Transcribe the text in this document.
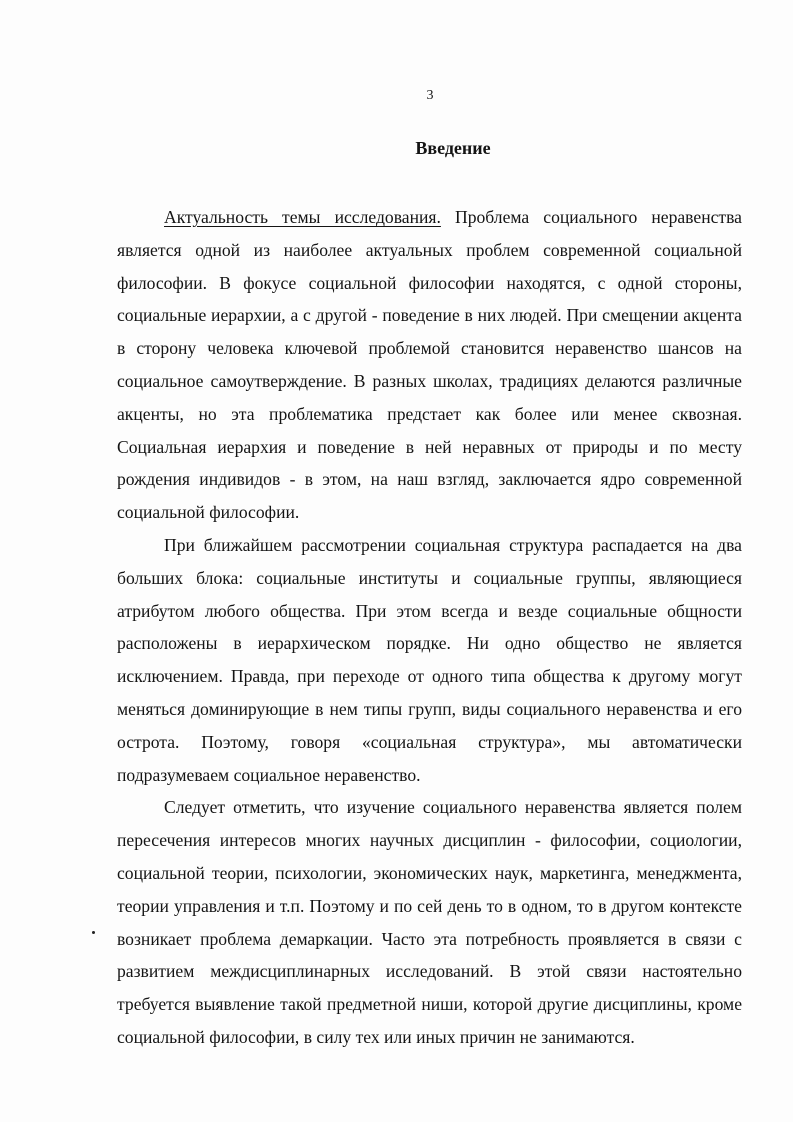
3
Введение

Актуальность темы исследования. Проблема социального неравенства является одной из наиболее актуальных проблем современной социальной философии. В фокусе социальной философии находятся, с одной стороны, социальные иерархии, а с другой - поведение в них людей. При смещении акцента в сторону человека ключевой проблемой становится неравенство шансов на социальное самоутверждение. В разных школах, традициях делаются различные акценты, но эта проблематика предстает как более или менее сквозная. Социальная иерархия и поведение в ней неравных от природы и по месту рождения индивидов - в этом, на наш взгляд, заключается ядро современной социальной философии.

При ближайшем рассмотрении социальная структура распадается на два больших блока: социальные институты и социальные группы, являющиеся атрибутом любого общества. При этом всегда и везде социальные общности расположены в иерархическом порядке. Ни одно общество не является исключением. Правда, при переходе от одного типа общества к другому могут меняться доминирующие в нем типы групп, виды социального неравенства и его острота. Поэтому, говоря «социальная структура», мы автоматически подразумеваем социальное неравенство.

Следует отметить, что изучение социального неравенства является полем пересечения интересов многих научных дисциплин - философии, социологии, социальной теории, психологии, экономических наук, маркетинга, менеджмента, теории управления и т.п. Поэтому и по сей день то в одном, то в другом контексте возникает проблема демаркации. Часто эта потребность проявляется в связи с развитием междисциплинарных исследований. В этой связи настоятельно требуется выявление такой предметной ниши, которой другие дисциплины, кроме социальной философии, в силу тех или иных причин не занимаются.
